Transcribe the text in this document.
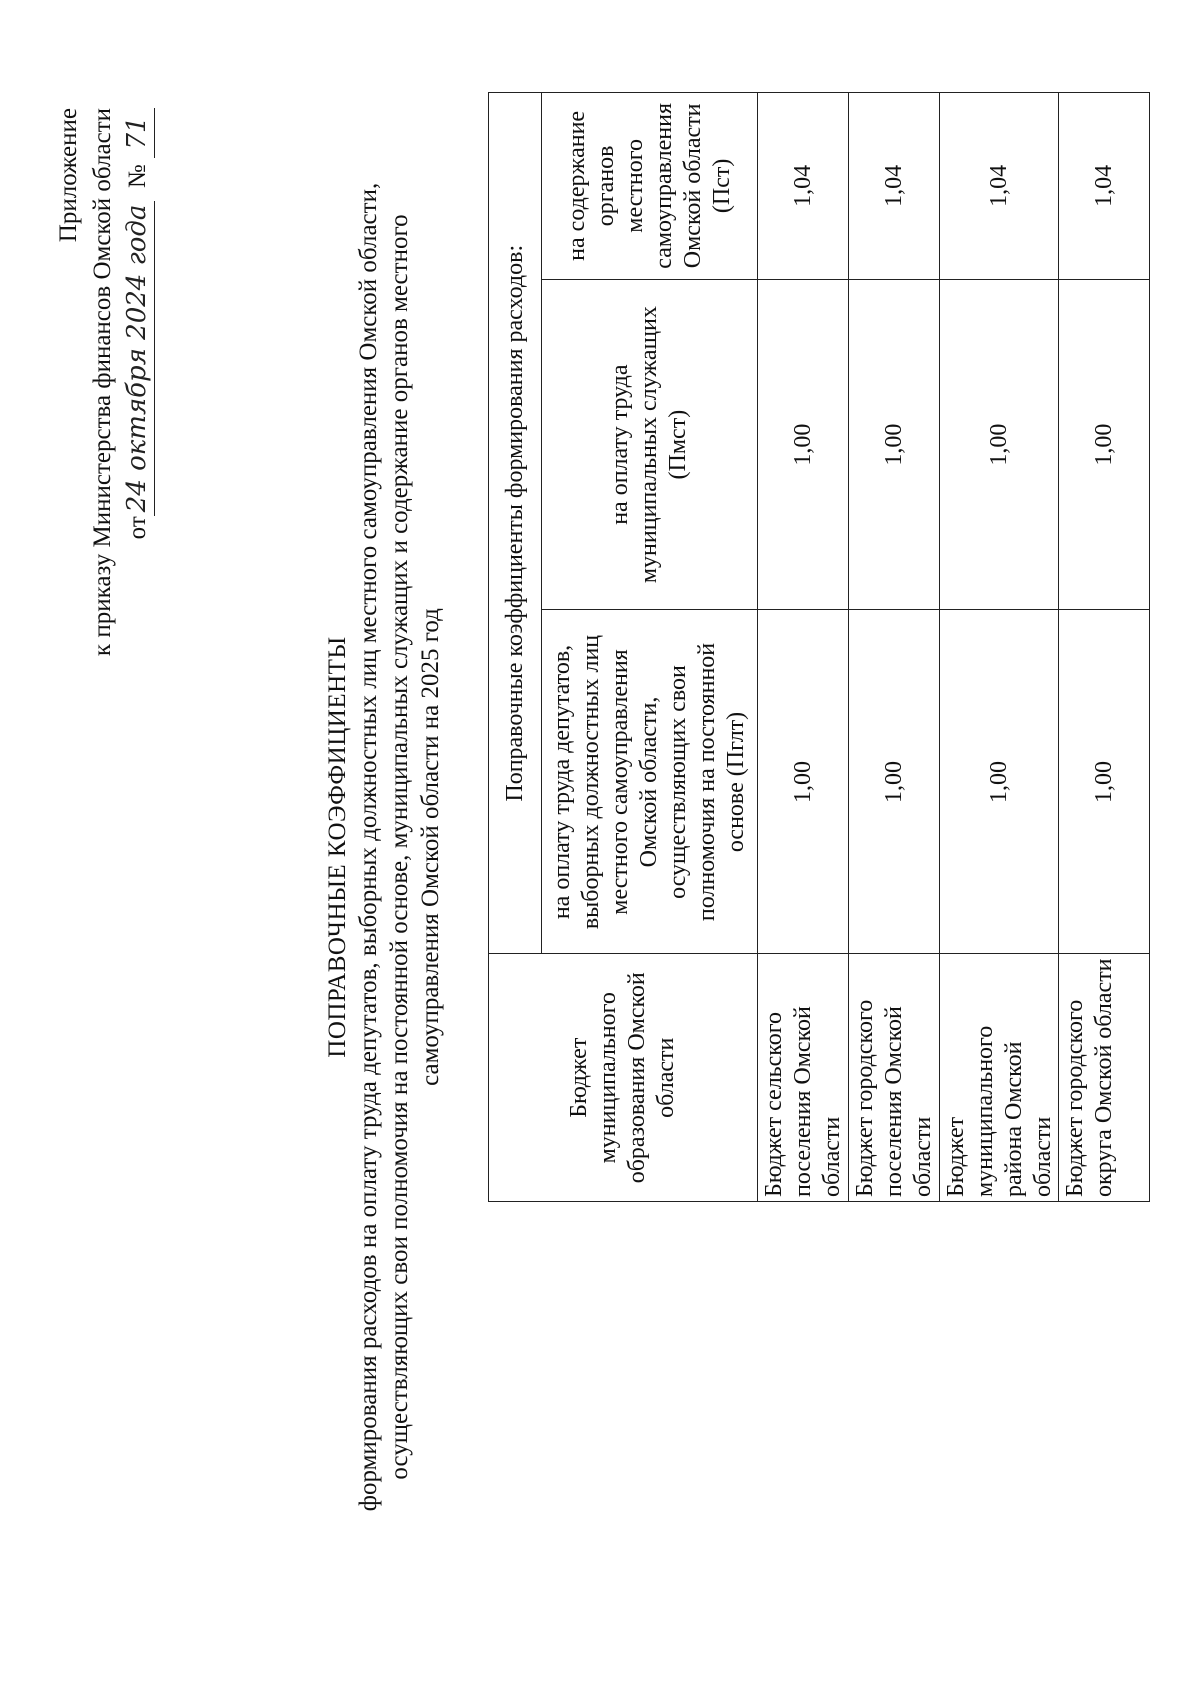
Приложение к приказу Министерства финансов Омской области от24 октября 2024 года  № 71
ПОПРАВОЧНЫЕ КОЭФФИЦИЕНТЫ формирования расходов на оплату труда депутатов, выборных должностных лиц местного самоуправления Омской области, осуществляющих свои полномочия на постоянной основе, муниципальных служащих и содержание органов местного самоуправления Омской области на 2025 год	Бюджет муниципального образования Омской области	Поправочные коэффициенты формирования расходов:		
	на оплату труда депутатов, выборных должностных лиц местного самоуправления Омской области, осуществляющих свои полномочия на постоянной основе (Пглт)	на оплату труда муниципальных служащих (Пмст)	на содержание органов местного самоуправления Омской области (Пст)
Бюджет сельского поселения Омской области	1,00	1,00	1,04
Бюджет городского поселения Омской области	1,00	1,00	1,04
Бюджет муниципального района Омской области	1,00	1,00	1,04
Бюджет городского округа Омской области	1,00	1,00	1,04
